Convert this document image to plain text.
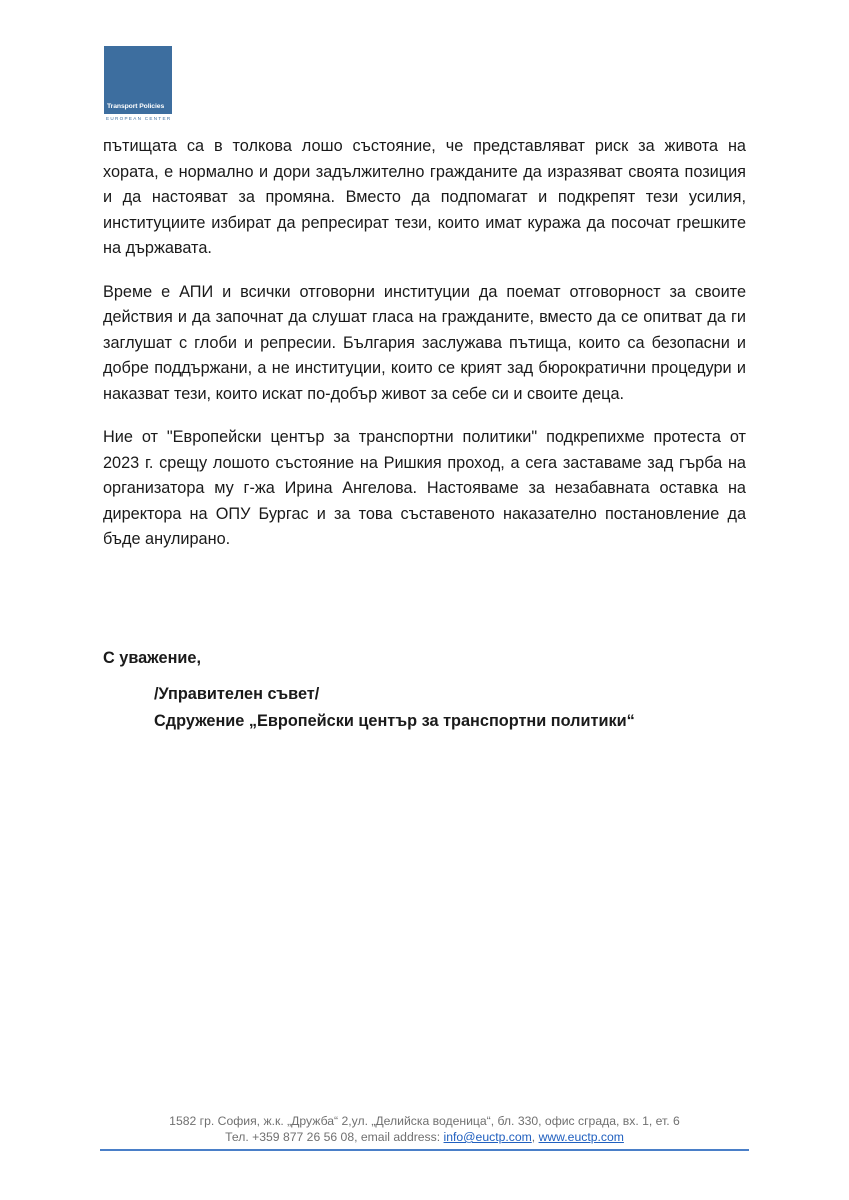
Transport Policies
EUROPEAN CENTER

пътищата са в толкова лошо състояние, че представляват риск за живота на хората, е нормално и дори задължително гражданите да изразяват своята позиция и да настояват за промяна. Вместо да подпомагат и подкрепят тези усилия, институциите избират да репресират тези, които имат куража да посочат грешките на държавата.

Време е АПИ и всички отговорни институции да поемат отговорност за своите действия и да започнат да слушат гласа на гражданите, вместо да се опитват да ги заглушат с глоби и репресии. България заслужава пътища, които са безопасни и добре поддържани, а не институции, които се крият зад бюрократични процедури и наказват тези, които искат по-добър живот за себе си и своите деца.

Ние от "Европейски център за транспортни политики" подкрепихме протеста от 2023 г. срещу лошото състояние на Ришкия проход, а сега заставаме зад гърба на организатора му г-жа Ирина Ангелова. Настояваме за незабавната оставка на директора на ОПУ Бургас и за това съставеното наказателно постановление да бъде анулирано.

С уважение,
/Управителен съвет/
Сдружение „Европейски център за транспортни политики“
1582 гр. София, ж.к. „Дружба“ 2,ул. „Делийска воденица“, бл. 330, офис сграда, вх. 1, ет. 6
Тел. +359 877 26 56 08, email address: info@euctp.com, www.euctp.com
